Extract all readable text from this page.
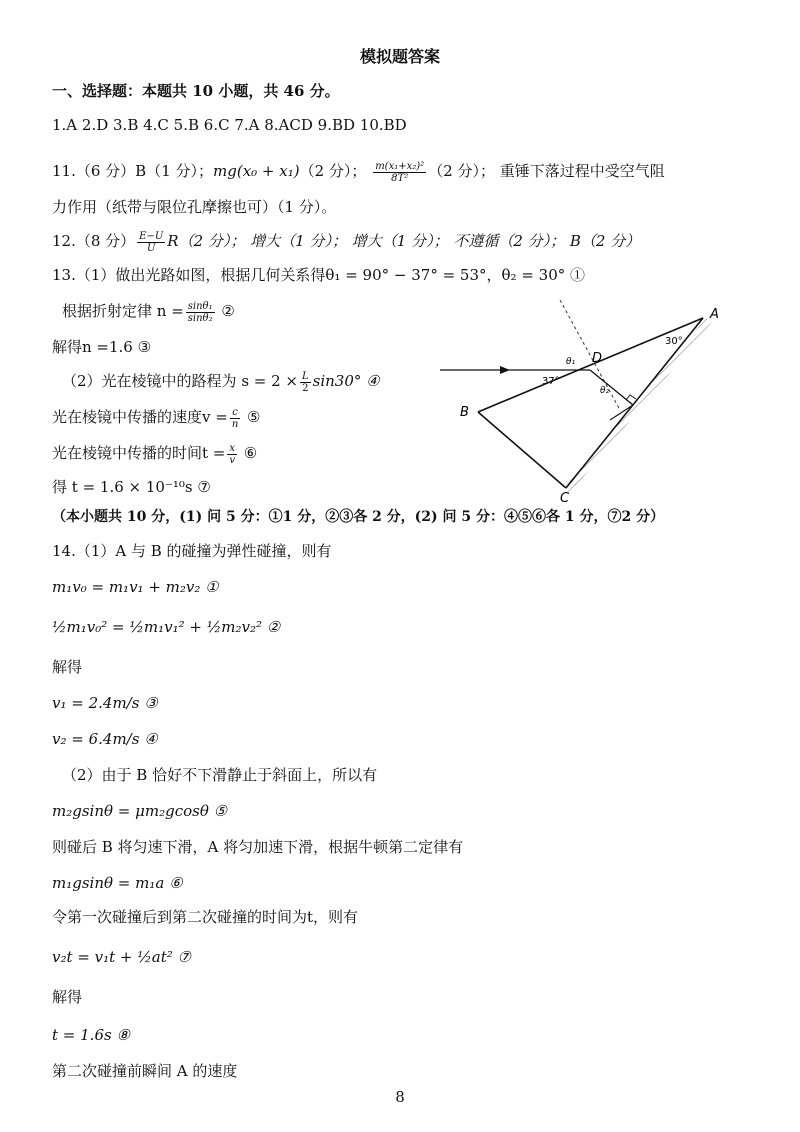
模拟题答案
一、选择题：本题共 10 小题，共 46 分。
1.A 2.D 3.B 4.C 5.B 6.C 7.A 8.ACD 9.BD 10.BD
11.（6 分）B（1 分）；mg(x₀ + x₁)（2 分）； $\frac{\text{m(x₁+x₂)²}}{\text{8T²}} (2$ 分）； 重锤下落过程中受空气阻
力作用（纸带与限位孔摩擦也可）（1 分）。
12.（8 分） $\frac{E-U}{U} R(2$ 分）； 增大（1 分）； 增大（1 分）； 不遵循（2 分）； B（2 分）
13.（1）做出光路如图，根据几何关系得θ₁ = 90° − 37° = 53°，θ₂ = 30° ①
根据折射定律 $n = \frac{\text{sinθ₁}}{\text{sinθ₂}}$ ②
解得n =1.6 ③
（2）光在棱镜中的路程为 $s = 2 \times \frac{L}{2} \sin 30^\circ$ ④
光在棱镜中传播的速度$v = \frac{c}{n}$ ⑤
光在棱镜中传播的时间$t = \frac{x}{v}$ ⑥
得 t = 1.6 × 10⁻¹⁰s ⑦
（本小题共 10 分，(1) 问 5 分：①1 分，②③各 2 分，(2) 问 5 分：④⑤⑥各 1 分，⑦2 分）
A
B
C
D
30°
37°
θ₁
θ₂
14.（1）A 与 B 的碰撞为弹性碰撞，则有
m₁v₀ = m₁v₁ + m₂v₂ ①
½m₁v₀² = ½m₁v₁² + ½m₂v₂² ②
解得
v₁ = 2.4m/s ③
v₂ = 6.4m/s ④
（2）由于 B 恰好不下滑静止于斜面上，所以有
m₂gsinθ = μm₂gcosθ ⑤
则碰后 B 将匀速下滑，A 将匀加速下滑，根据牛顿第二定律有
m₁gsinθ = m₁a ⑥
令第一次碰撞后到第二次碰撞的时间为t，则有
v₂t = v₁t + ½at² ⑦
解得
t = 1.6s ⑧
第二次碰撞前瞬间 A 的速度
8
